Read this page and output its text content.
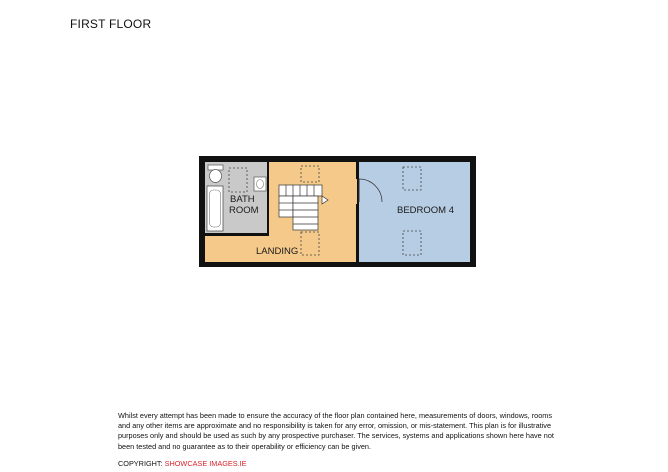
FIRST FLOOR
BATH
ROOM
LANDING
BEDROOM 4
Whilst every attempt has been made to ensure the accuracy of the floor plan contained here, measurements of doors, windows, rooms and any other items are approximate and no responsibility is taken for any error, omission, or mis-statement. This plan is for illustrative purposes only and should be used as such by any prospective purchaser. The services, systems and applications shown here have not been tested and no guarantee as to their operability or efficiency can be given.
COPYRIGHT: SHOWCASE IMAGES.IE
